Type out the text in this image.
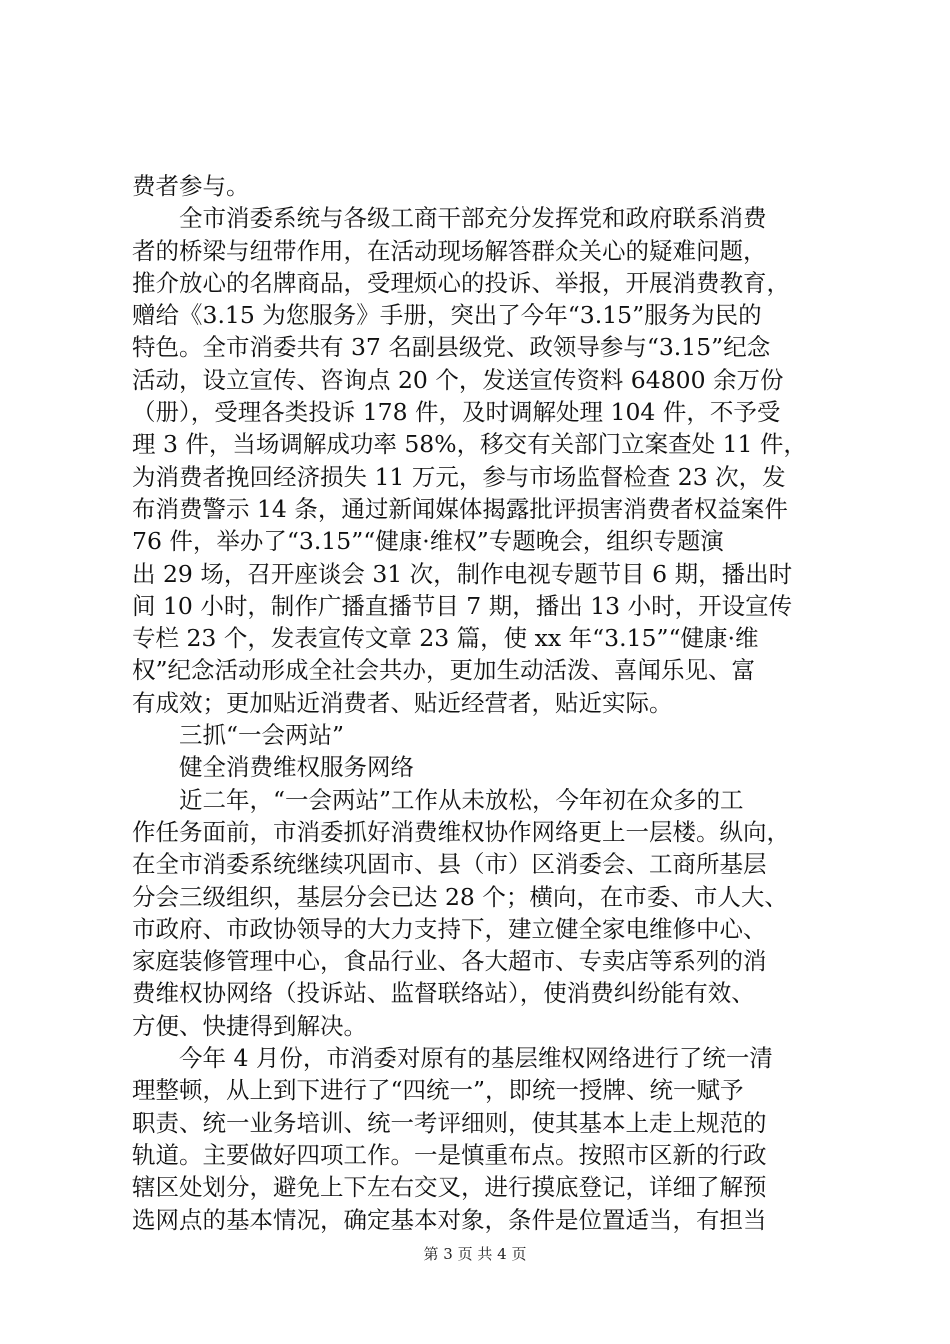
费者参与。
全市消委系统与各级工商干部充分发挥党和政府联系消费
者的桥梁与纽带作用，在活动现场解答群众关心的疑难问题，
推介放心的名牌商品，受理烦心的投诉、举报，开展消费教育，
赠给《3.15 为您服务》手册，突出了今年“3.15”服务为民的
特色。全市消委共有 37 名副县级党、政领导参与“3.15”纪念
活动，设立宣传、咨询点 20 个，发送宣传资料 64800 余万份
（册），受理各类投诉 178 件，及时调解处理 104 件，不予受
理 3 件，当场调解成功率 58%，移交有关部门立案查处 11 件，
为消费者挽回经济损失 11 万元，参与市场监督检查 23 次，发
布消费警示 14 条，通过新闻媒体揭露批评损害消费者权益案件
76 件，举办了“3.15”“健康·维权”专题晚会，组织专题演
出 29 场，召开座谈会 31 次，制作电视专题节目 6 期，播出时
间 10 小时，制作广播直播节目 7 期，播出 13 小时，开设宣传
专栏 23 个，发表宣传文章 23 篇，使 xx 年“3.15”“健康·维
权”纪念活动形成全社会共办，更加生动活泼、喜闻乐见、富
有成效；更加贴近消费者、贴近经营者，贴近实际。
三抓“一会两站”
健全消费维权服务网络
近二年，“一会两站”工作从未放松，今年初在众多的工
作任务面前，市消委抓好消费维权协作网络更上一层楼。纵向，
在全市消委系统继续巩固市、县（市）区消委会、工商所基层
分会三级组织，基层分会已达 28 个；横向，在市委、市人大、
市政府、市政协领导的大力支持下，建立健全家电维修中心、
家庭装修管理中心，食品行业、各大超市、专卖店等系列的消
费维权协网络（投诉站、监督联络站），使消费纠纷能有效、
方便、快捷得到解决。
今年 4 月份，市消委对原有的基层维权网络进行了统一清
理整顿，从上到下进行了“四统一”，即统一授牌、统一赋予
职责、统一业务培训、统一考评细则，使其基本上走上规范的
轨道。主要做好四项工作。一是慎重布点。按照市区新的行政
辖区处划分，避免上下左右交叉，进行摸底登记，详细了解预
选网点的基本情况，确定基本对象，条件是位置适当，有担当
第 3 页 共 4 页
